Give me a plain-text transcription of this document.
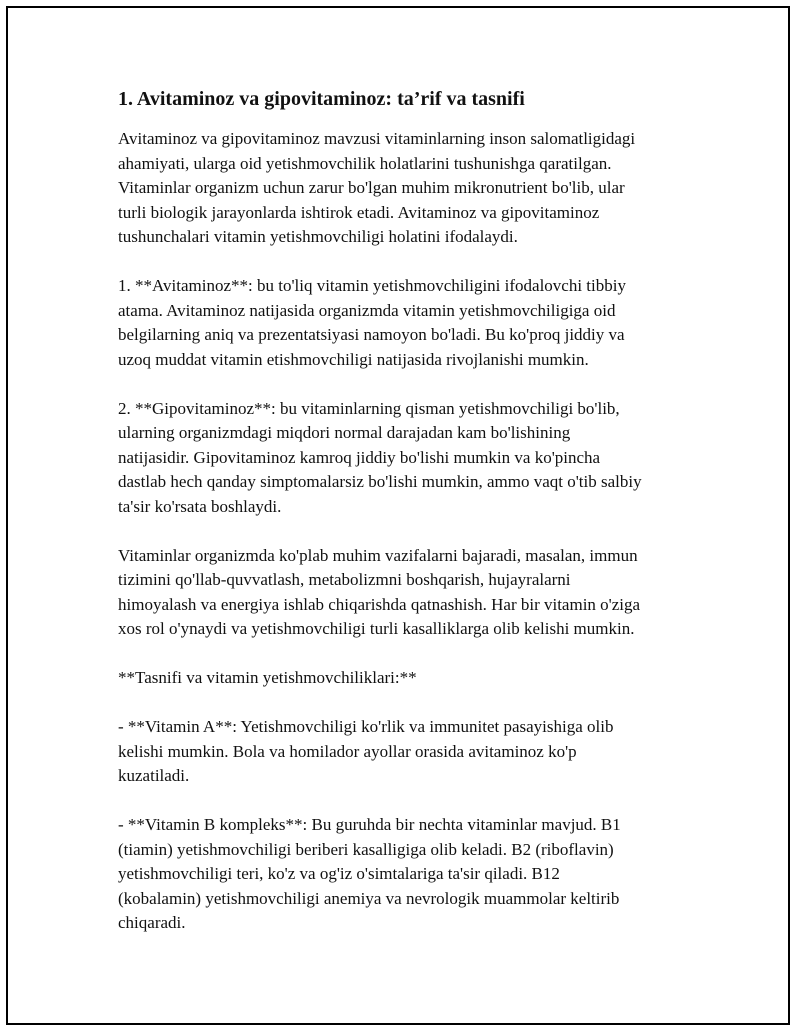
1. Avitaminoz va gipovitaminoz: ta’rif va tasnifi

Avitaminoz va gipovitaminoz mavzusi vitaminlarning inson salomatligidagi
ahamiyati, ularga oid yetishmovchilik holatlarini tushunishga qaratilgan.
Vitaminlar organizm uchun zarur bo'lgan muhim mikronutrient bo'lib, ular
turli biologik jarayonlarda ishtirok etadi. Avitaminoz va gipovitaminoz
tushunchalari vitamin yetishmovchiligi holatini ifodalaydi.

1. **Avitaminoz**: bu to'liq vitamin yetishmovchiligini ifodalovchi tibbiy
atama. Avitaminoz natijasida organizmda vitamin yetishmovchiligiga oid
belgilarning aniq va prezentatsiyasi namoyon bo'ladi. Bu ko'proq jiddiy va
uzoq muddat vitamin etishmovchiligi natijasida rivojlanishi mumkin.

2. **Gipovitaminoz**: bu vitaminlarning qisman yetishmovchiligi bo'lib,
ularning organizmdagi miqdori normal darajadan kam bo'lishining
natijasidir. Gipovitaminoz kamroq jiddiy bo'lishi mumkin va ko'pincha
dastlab hech qanday simptomalarsiz bo'lishi mumkin, ammo vaqt o'tib salbiy
ta'sir ko'rsata boshlaydi.

Vitaminlar organizmda ko'plab muhim vazifalarni bajaradi, masalan, immun
tizimini qo'llab-quvvatlash, metabolizmni boshqarish, hujayralarni
himoyalash va energiya ishlab chiqarishda qatnashish. Har bir vitamin o'ziga
xos rol o'ynaydi va yetishmovchiligi turli kasalliklarga olib kelishi mumkin.

**Tasnifi va vitamin yetishmovchiliklari:**

- **Vitamin A**: Yetishmovchiligi ko'rlik va immunitet pasayishiga olib
kelishi mumkin. Bola va homilador ayollar orasida avitaminoz ko'p
kuzatiladi.

- **Vitamin B kompleks**: Bu guruhda bir nechta vitaminlar mavjud. B1
(tiamin) yetishmovchiligi beriberi kasalligiga olib keladi. B2 (riboflavin)
yetishmovchiligi teri, ko'z va og'iz o'simtalariga ta'sir qiladi. B12
(kobalamin) yetishmovchiligi anemiya va nevrologik muammolar keltirib
chiqaradi.
